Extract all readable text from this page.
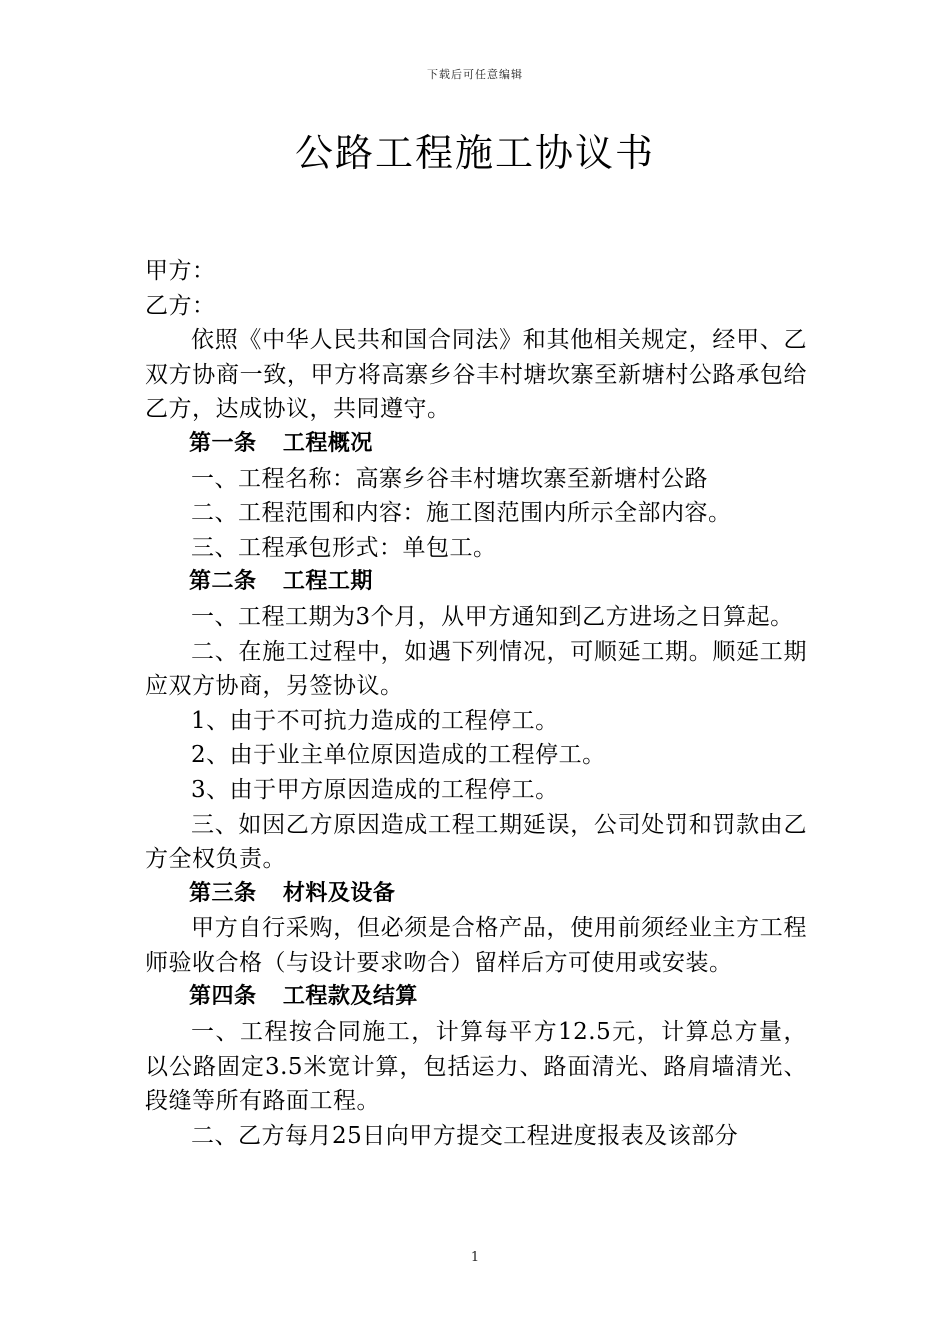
下载后可任意编辑
公路工程施工协议书

甲方：

乙方：

依照《中华人民共和国合同法》和其他相关规定，经甲、乙双方协商一致，甲方将高寨乡谷丰村塘坎寨至新塘村公路承包给乙方，达成协议，共同遵守。

第一条 工程概况

一、工程名称：高寨乡谷丰村塘坎寨至新塘村公路

二、工程范围和内容：施工图范围内所示全部内容。

三、工程承包形式：单包工。

第二条 工程工期

一、工程工期为3个月，从甲方通知到乙方进场之日算起。

二、在施工过程中，如遇下列情况，可顺延工期。顺延工期应双方协商，另签协议。

1、由于不可抗力造成的工程停工。

2、由于业主单位原因造成的工程停工。

3、由于甲方原因造成的工程停工。

三、如因乙方原因造成工程工期延误，公司处罚和罚款由乙方全权负责。

第三条 材料及设备

甲方自行采购，但必须是合格产品，使用前须经业主方工程师验收合格（与设计要求吻合）留样后方可使用或安装。

第四条 工程款及结算

一、工程按合同施工，计算每平方12.5元，计算总方量，以公路固定3.5米宽计算，包括运力、路面清光、路肩墙清光、段缝等所有路面工程。

二、乙方每月25日向甲方提交工程进度报表及该部分

1
